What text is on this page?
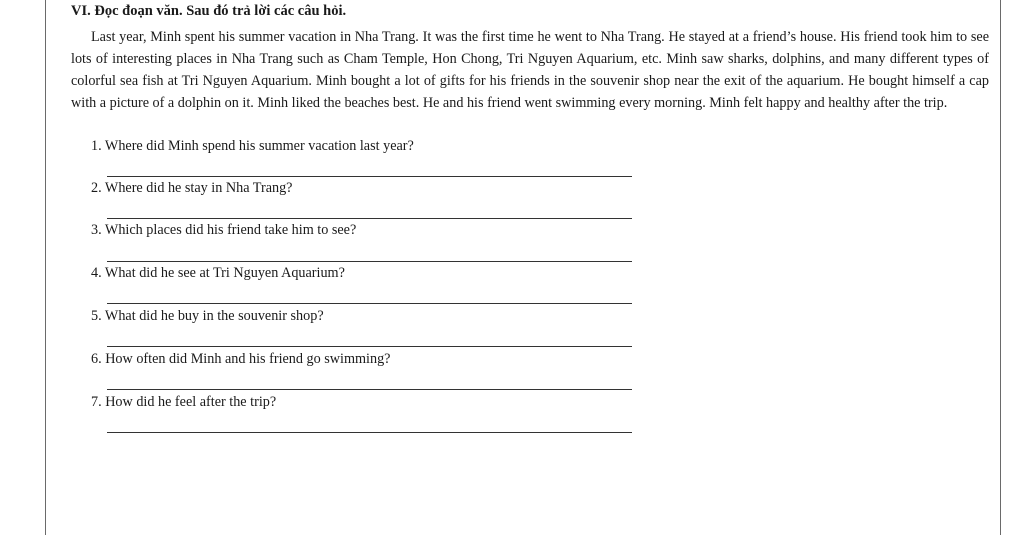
VI. Đọc đoạn văn. Sau đó trả lời các câu hỏi.

Last year, Minh spent his summer vacation in Nha Trang. It was the first time he went to Nha Trang. He stayed at a friend’s house. His friend took him to see lots of interesting places in Nha Trang such as Cham Temple, Hon Chong, Tri Nguyen Aquarium, etc. Minh saw sharks, dolphins, and many different types of colorful sea fish at Tri Nguyen Aquarium. Minh bought a lot of gifts for his friends in the souvenir shop near the exit of the aquarium. He bought himself a cap with a picture of a dolphin on it. Minh liked the beaches best. He and his friend went swimming every morning. Minh felt happy and healthy after the trip.

1. Where did Minh spend his summer vacation last year?
2. Where did he stay in Nha Trang?
3. Which places did his friend take him to see?
4. What did he see at Tri Nguyen Aquarium?
5. What did he buy in the souvenir shop?
6. How often did Minh and his friend go swimming?
7. How did he feel after the trip?
